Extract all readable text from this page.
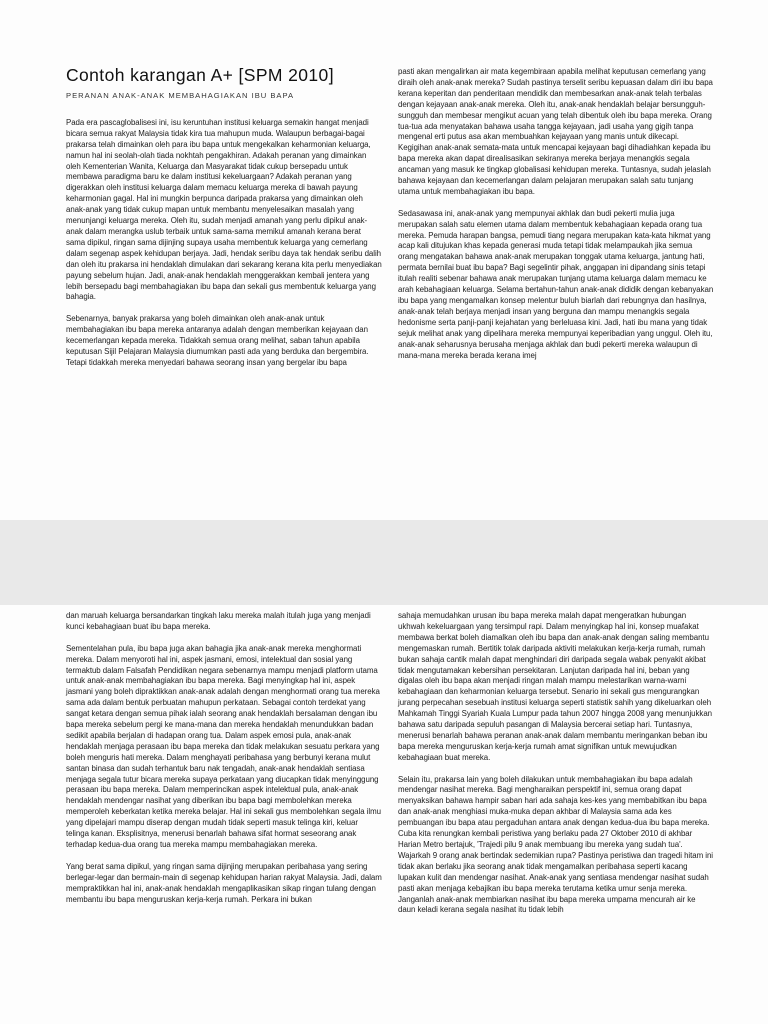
Contoh karangan A+ [SPM 2010]
PERANAN ANAK-ANAK MEMBAHAGIAKAN IBU BAPA

Pada era pascaglobalisesi ini, isu keruntuhan institusi keluarga semakin hangat menjadi bicara semua rakyat Malaysia tidak kira tua mahupun muda. Walaupun berbagai-bagai prakarsa telah dimainkan oleh para ibu bapa untuk mengekalkan keharmonian keluarga, namun hal ini seolah-olah tiada nokhtah pengakhiran. Adakah peranan yang dimainkan oleh Kementerian Wanita, Keluarga dan Masyarakat tidak cukup bersepadu untuk membawa paradigma baru ke dalam institusi kekeluargaan? Adakah peranan yang digerakkan oleh institusi keluarga dalam memacu keluarga mereka di bawah payung keharmonian gagal. Hal ini mungkin berpunca daripada prakarsa yang dimainkan oleh anak-anak yang tidak cukup mapan untuk membantu menyelesaikan masalah yang menunjangi keluarga mereka. Oleh itu, sudah menjadi amanah yang perlu dipikul anak-anak dalam merangka uslub terbaik untuk sama-sama memikul amanah kerana berat sama dipikul, ringan sama dijinjing supaya usaha membentuk keluarga yang cemerlang dalam segenap aspek kehidupan berjaya. Jadi, hendak seribu daya tak hendak seribu dalih dan oleh itu prakarsa ini hendaklah dimulakan dari sekarang kerana kita perlu menyediakan payung sebelum hujan. Jadi, anak-anak hendaklah menggerakkan kembali jentera yang lebih bersepadu bagi membahagiakan ibu bapa dan sekali gus membentuk keluarga yang bahagia.

Sebenarnya, banyak prakarsa yang boleh dimainkan oleh anak-anak untuk membahagiakan ibu bapa mereka antaranya adalah dengan memberikan kejayaan dan kecemerlangan kepada mereka. Tidakkah semua orang melihat, saban tahun apabila keputusan Sijil Pelajaran Malaysia diumumkan pasti ada yang berduka dan bergembira. Tetapi tidakkah mereka menyedari bahawa seorang insan yang bergelar ibu bapa

pasti akan mengalirkan air mata kegembiraan apabila melihat keputusan cemerlang yang diraih oleh anak-anak mereka? Sudah pastinya terselit seribu kepuasan dalam diri ibu bapa kerana keperitan dan penderitaan mendidik dan membesarkan anak-anak telah terbalas dengan kejayaan anak-anak mereka. Oleh itu, anak-anak hendaklah belajar bersungguh-sungguh dan membesar mengikut acuan yang telah dibentuk oleh ibu bapa mereka. Orang tua-tua ada menyatakan bahawa usaha tangga kejayaan, jadi usaha yang gigih tanpa mengenal erti putus asa akan membuahkan kejayaan yang manis untuk dikecapi. Kegigihan anak-anak semata-mata untuk mencapai kejayaan bagi dihadiahkan kepada ibu bapa mereka akan dapat direalisasikan sekiranya mereka berjaya menangkis segala ancaman yang masuk ke tingkap globalisasi kehidupan mereka. Tuntasnya, sudah jelaslah bahawa kejayaan dan kecemerlangan dalam pelajaran merupakan salah satu tunjang utama untuk membahagiakan ibu bapa.

Sedasawasa ini, anak-anak yang mempunyai akhlak dan budi pekerti mulia juga merupakan salah satu elemen utama dalam membentuk kebahagiaan kepada orang tua mereka. Pemuda harapan bangsa, pemudi tiang negara merupakan kata-kata hikmat yang acap kali ditujukan khas kepada generasi muda tetapi tidak melampaukah jika semua orang mengatakan bahawa anak-anak merupakan tonggak utama keluarga, jantung hati, permata bernilai buat ibu bapa? Bagi segelintir pihak, anggapan ini dipandang sinis tetapi itulah realiti sebenar bahawa anak merupakan tunjang utama keluarga dalam memacu ke arah kebahagiaan keluarga. Selama bertahun-tahun anak-anak dididik dengan kebanyakan ibu bapa yang mengamalkan konsep melentur buluh biarlah dari rebungnya dan hasilnya, anak-anak telah berjaya menjadi insan yang berguna dan mampu menangkis segala hedonisme serta panji-panji kejahatan yang berleluasa kini. Jadi, hati ibu mana yang tidak sejuk melihat anak yang dipelihara mereka mempunyai keperibadian yang unggul. Oleh itu, anak-anak seharusnya berusaha menjaga akhlak dan budi pekerti mereka walaupun di mana-mana mereka berada kerana imej

dan maruah keluarga bersandarkan tingkah laku mereka malah itulah juga yang menjadi kunci kebahagiaan buat ibu bapa mereka.

Sementelahan pula, ibu bapa juga akan bahagia jika anak-anak mereka menghormati mereka. Dalam menyoroti hal ini, aspek jasmani, emosi, intelektual dan sosial yang termaktub dalam Falsafah Pendidikan negara sebenarnya mampu menjadi platform utama untuk anak-anak membahagiakan ibu bapa mereka. Bagi menyingkap hal ini, aspek jasmani yang boleh dipraktikkan anak-anak adalah dengan menghormati orang tua mereka sama ada dalam bentuk perbuatan mahupun perkataan. Sebagai contoh terdekat yang sangat ketara dengan semua pihak ialah seorang anak hendaklah bersalaman dengan ibu bapa mereka sebelum pergi ke mana-mana dan mereka hendaklah menundukkan badan sedikit apabila berjalan di hadapan orang tua. Dalam aspek emosi pula, anak-anak hendaklah menjaga perasaan ibu bapa mereka dan tidak melakukan sesuatu perkara yang boleh menguris hati mereka. Dalam menghayati peribahasa yang berbunyi kerana mulut santan binasa dan sudah terhantuk baru nak tengadah, anak-anak hendaklah sentiasa menjaga segala tutur bicara mereka supaya perkataan yang diucapkan tidak menyinggung perasaan ibu bapa mereka. Dalam memperincikan aspek intelektual pula, anak-anak hendaklah mendengar nasihat yang diberikan ibu bapa bagi membolehkan mereka memperoleh keberkatan ketika mereka belajar. Hal ini sekali gus membolehkan segala ilmu yang dipelajari mampu diserap dengan mudah tidak seperti masuk telinga kiri, keluar telinga kanan. Eksplisitnya, menerusi benarlah bahawa sifat hormat seseorang anak terhadap kedua-dua orang tua mereka mampu membahagiakan mereka.

Yang berat sama dipikul, yang ringan sama dijinjing merupakan peribahasa yang sering berlegar-legar dan bermain-main di segenap kehidupan harian rakyat Malaysia. Jadi, dalam mempraktikkan hal ini, anak-anak hendaklah mengaplikasikan sikap ringan tulang dengan membantu ibu bapa menguruskan kerja-kerja rumah. Perkara ini bukan

sahaja memudahkan urusan ibu bapa mereka malah dapat mengeratkan hubungan ukhwah kekeluargaan yang tersimpul rapi. Dalam menyingkap hal ini, konsep muafakat membawa berkat boleh diamalkan oleh ibu bapa dan anak-anak dengan saling membantu mengemaskan rumah. Bertitik tolak daripada aktiviti melakukan kerja-kerja rumah, rumah bukan sahaja cantik malah dapat menghindari diri daripada segala wabak penyakit akibat tidak mengutamakan kebersihan persekitaran. Lanjutan daripada hal ini, beban yang digalas oleh ibu bapa akan menjadi ringan malah mampu melestarikan warna-warni kebahagiaan dan keharmonian keluarga tersebut. Senario ini sekali gus mengurangkan jurang perpecahan sesebuah institusi keluarga seperti statistik sahih yang dikeluarkan oleh Mahkamah Tinggi Syariah Kuala Lumpur pada tahun 2007 hingga 2008 yang menunjukkan bahawa satu daripada sepuluh pasangan di Malaysia bercerai setiap hari. Tuntasnya, menerusi benarlah bahawa peranan anak-anak dalam membantu meringankan beban ibu bapa mereka menguruskan kerja-kerja rumah amat signifikan untuk mewujudkan kebahagiaan buat mereka.

Selain itu, prakarsa lain yang boleh dilakukan untuk membahagiakan ibu bapa adalah mendengar nasihat mereka. Bagi mengharaikan perspektif ini, semua orang dapat menyaksikan bahawa hampir saban hari ada sahaja kes-kes yang membabitkan ibu bapa dan anak-anak menghiasi muka-muka depan akhbar di Malaysia sama ada kes pembuangan ibu bapa atau pergaduhan antara anak dengan kedua-dua ibu bapa mereka. Cuba kita renungkan kembali peristiwa yang berlaku pada 27 Oktober 2010 di akhbar Harian Metro bertajuk, 'Trajedi pilu 9 anak membuang ibu mereka yang sudah tua'. Wajarkah 9 orang anak bertindak sedemikian rupa? Pastinya peristiwa dan tragedi hitam ini tidak akan berlaku jika seorang anak tidak mengamalkan peribahasa seperti kacang lupakan kulit dan mendengar nasihat. Anak-anak yang sentiasa mendengar nasihat sudah pasti akan menjaga kebajikan ibu bapa mereka terutama ketika umur senja mereka. Janganlah anak-anak membiarkan nasihat ibu bapa mereka umpama mencurah air ke daun keladi kerana segala nasihat itu tidak lebih
